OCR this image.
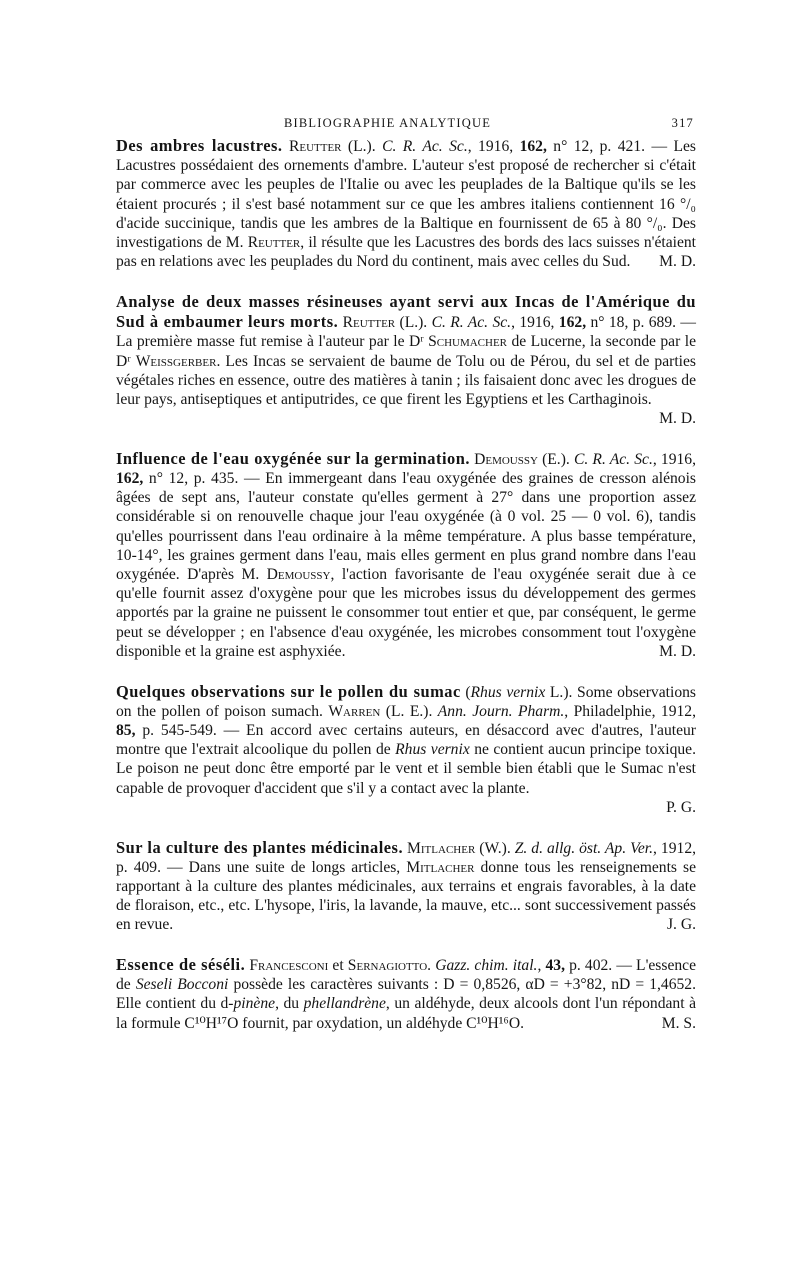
BIBLIOGRAPHIE ANALYTIQUE	317

Des ambres lacustres. Reutter (L.). C. R. Ac. Sc., 1916, 162, n° 12, p. 421. — Les Lacustres possédaient des ornements d'ambre. L'auteur s'est proposé de rechercher si c'était par commerce avec les peuples de l'Italie ou avec les peuplades de la Baltique qu'ils se les étaient procurés ; il s'est basé notamment sur ce que les ambres italiens contiennent 16 °/₀ d'acide succinique, tandis que les ambres de la Baltique en fournissent de 65 à 80 °/₀. Des investigations de M. Reutter, il résulte que les Lacustres des bords des lacs suisses n'étaient pas en relations avec les peuplades du Nord du continent, mais avec celles du Sud. M. D.

Analyse de deux masses résineuses ayant servi aux Incas de l'Amérique du Sud à embaumer leurs morts. Reutter (L.). C. R. Ac. Sc., 1916, 162, n° 18, p. 689. — La première masse fut remise à l'auteur par le Dʳ Schumacher de Lucerne, la seconde par le Dʳ Weissgerber. Les Incas se servaient de baume de Tolu ou de Pérou, du sel et de parties végétales riches en essence, outre des matières à tanin ; ils faisaient donc avec les drogues de leur pays, antiseptiques et antiputrides, ce que firent les Egyptiens et les Carthaginois.
M. D.

Influence de l'eau oxygénée sur la germination. Demoussy (E.). C. R. Ac. Sc., 1916, 162, n° 12, p. 435. — En immergeant dans l'eau oxygénée des graines de cresson alénois âgées de sept ans, l'auteur constate qu'elles germent à 27° dans une proportion assez considérable si on renouvelle chaque jour l'eau oxygénée (à 0 vol. 25 — 0 vol. 6), tandis qu'elles pourrissent dans l'eau ordinaire à la même température. A plus basse température, 10-14°, les graines germent dans l'eau, mais elles germent en plus grand nombre dans l'eau oxygénée. D'après M. Demoussy, l'action favorisante de l'eau oxygénée serait due à ce qu'elle fournit assez d'oxygène pour que les microbes issus du développement des germes apportés par la graine ne puissent le consommer tout entier et que, par conséquent, le germe peut se développer ; en l'absence d'eau oxygénée, les microbes consomment tout l'oxygène disponible et la graine est asphyxiée.	M. D.

Quelques observations sur le pollen du sumac (Rhus vernix L.). Some observations on the pollen of poison sumach. Warren (L. E.). Ann. Journ. Pharm., Philadelphie, 1912, 85, p. 545-549. — En accord avec certains auteurs, en désaccord avec d'autres, l'auteur montre que l'extrait alcoolique du pollen de Rhus vernix ne contient aucun principe toxique. Le poison ne peut donc être emporté par le vent et il semble bien établi que le Sumac n'est capable de provoquer d'accident que s'il y a contact avec la plante.

P. G.

Sur la culture des plantes médicinales. Mitlacher (W.). Z. d. allg. öst. Ap. Ver., 1912, p. 409. — Dans une suite de longs articles, Mitlacher donne tous les renseignements se rapportant à la culture des plantes médicinales, aux terrains et engrais favorables, à la date de floraison, etc., etc. L'hysope, l'iris, la lavande, la mauve, etc... sont successivement passés en revue.	J. G.

Essence de séséli. Francesconi et Sernagiotto. Gazz. chim. ital., 43, p. 402. — L'essence de Seseli Bocconi possède les caractères suivants : D = 0,8526, αD = +3°82, nD = 1,4652. Elle contient du d-pinène, du phellandrène, un aldéhyde, deux alcools dont l'un répondant à la formule C¹⁰H¹⁷O fournit, par oxydation, un aldéhyde C¹⁰H¹⁶O.	M. S.
